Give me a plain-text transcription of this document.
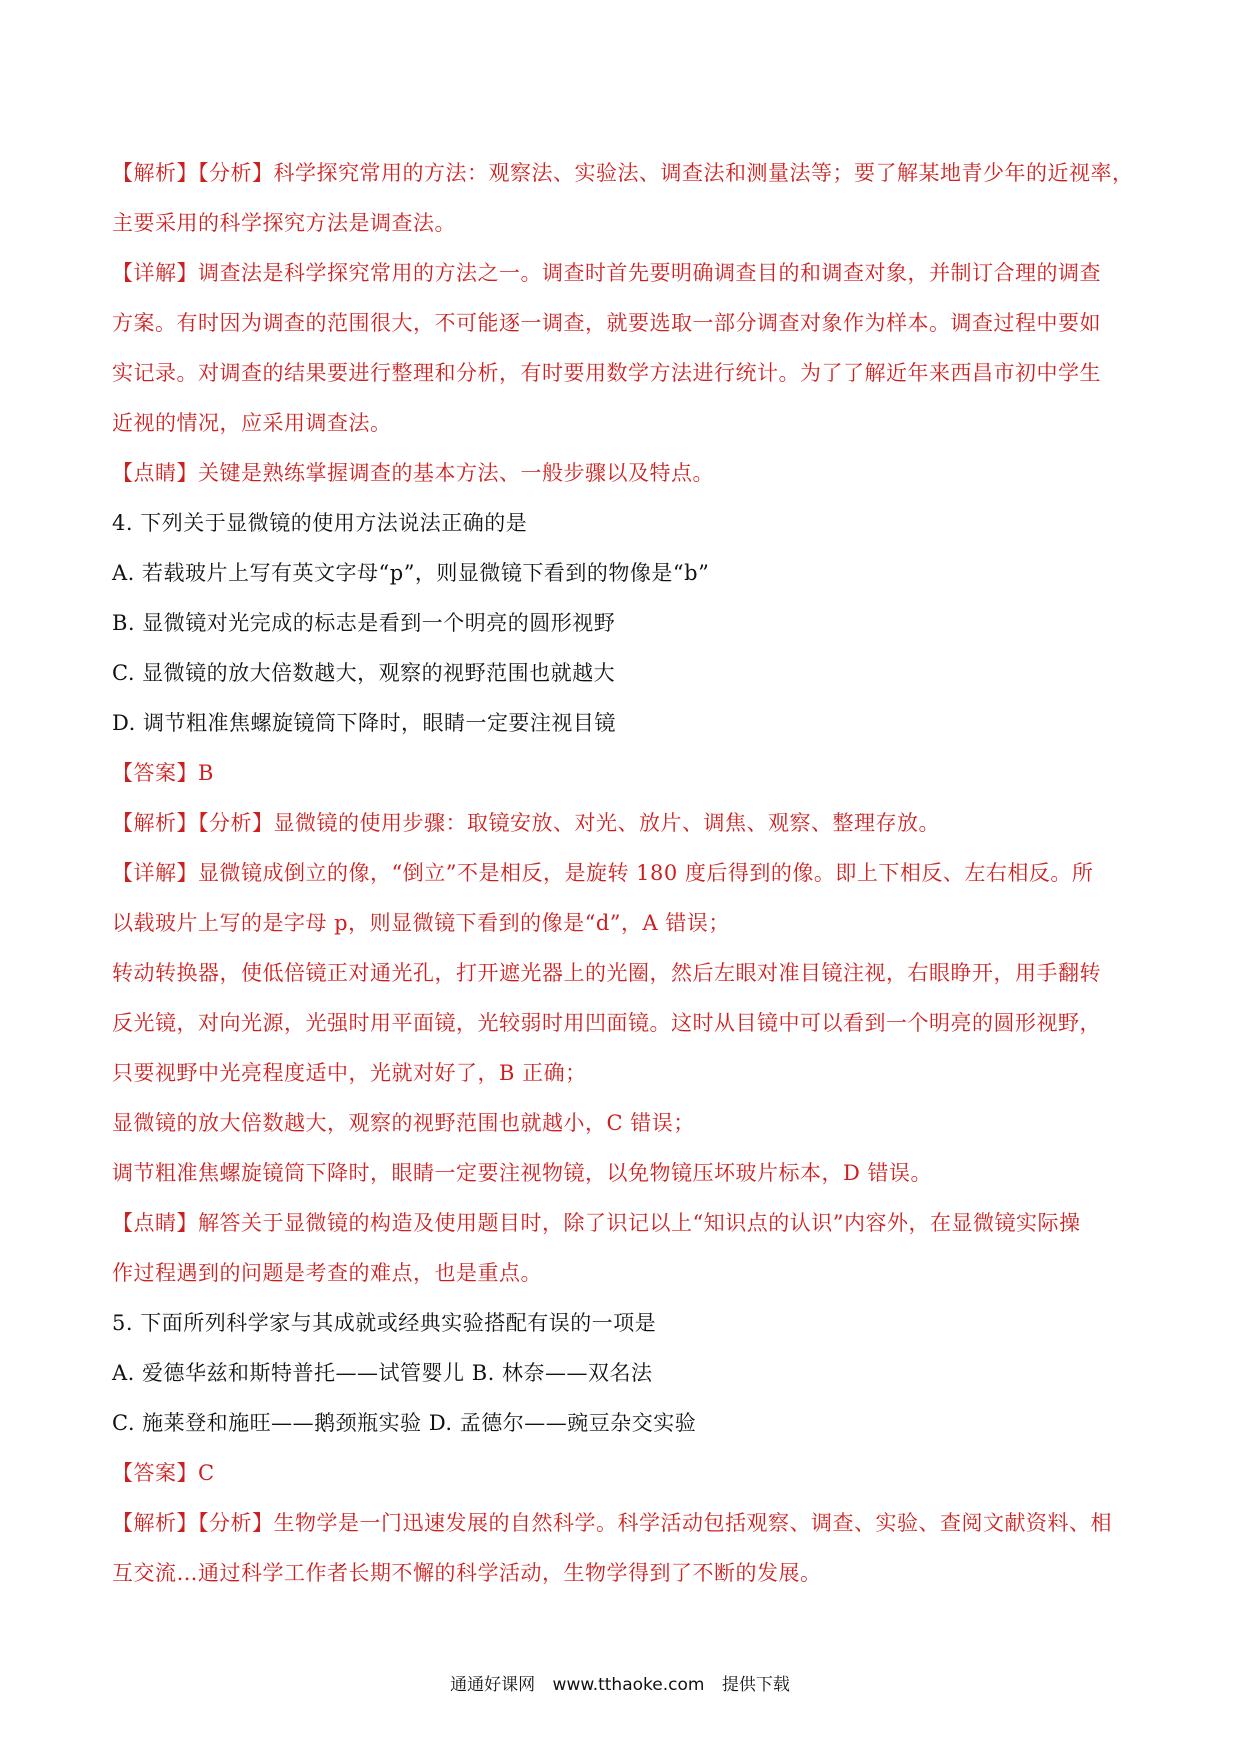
【解析】【分析】科学探究常用的方法：观察法、实验法、调查法和测量法等；要了解某地青少年的近视率，
主要采用的科学探究方法是调查法。
【详解】调查法是科学探究常用的方法之一。调查时首先要明确调查目的和调查对象，并制订合理的调查
方案。有时因为调查的范围很大，不可能逐一调查，就要选取一部分调查对象作为样本。调查过程中要如
实记录。对调查的结果要进行整理和分析，有时要用数学方法进行统计。为了了解近年来西昌市初中学生
近视的情况，应采用调查法。
【点睛】关键是熟练掌握调查的基本方法、一般步骤以及特点。
4. 下列关于显微镜的使用方法说法正确的是
A. 若载玻片上写有英文字母“p”，则显微镜下看到的物像是“b”
B. 显微镜对光完成的标志是看到一个明亮的圆形视野
C. 显微镜的放大倍数越大，观察的视野范围也就越大
D. 调节粗准焦螺旋镜筒下降时，眼睛一定要注视目镜
【答案】B
【解析】【分析】显微镜的使用步骤：取镜安放、对光、放片、调焦、观察、整理存放。
【详解】显微镜成倒立的像，“倒立”不是相反，是旋转 180 度后得到的像。即上下相反、左右相反。所
以载玻片上写的是字母 p，则显微镜下看到的像是“d”，A 错误；
转动转换器，使低倍镜正对通光孔，打开遮光器上的光圈，然后左眼对准目镜注视，右眼睁开，用手翻转
反光镜，对向光源，光强时用平面镜，光较弱时用凹面镜。这时从目镜中可以看到一个明亮的圆形视野，
只要视野中光亮程度适中，光就对好了，B 正确；
显微镜的放大倍数越大，观察的视野范围也就越小，C 错误；
调节粗准焦螺旋镜筒下降时，眼睛一定要注视物镜，以免物镜压坏玻片标本，D 错误。
【点睛】解答关于显微镜的构造及使用题目时，除了识记以上“知识点的认识”内容外，在显微镜实际操
作过程遇到的问题是考查的难点，也是重点。
5. 下面所列科学家与其成就或经典实验搭配有误的一项是
A. 爱德华兹和斯特普托——试管婴儿 B. 林奈——双名法
C. 施莱登和施旺——鹅颈瓶实验 D. 孟德尔——豌豆杂交实验
【答案】C
【解析】【分析】生物学是一门迅速发展的自然科学。科学活动包括观察、调查、实验、查阅文献资料、相
互交流…通过科学工作者长期不懈的科学活动，生物学得到了不断的发展。
通通好课网 www.tthaoke.com 提供下载
